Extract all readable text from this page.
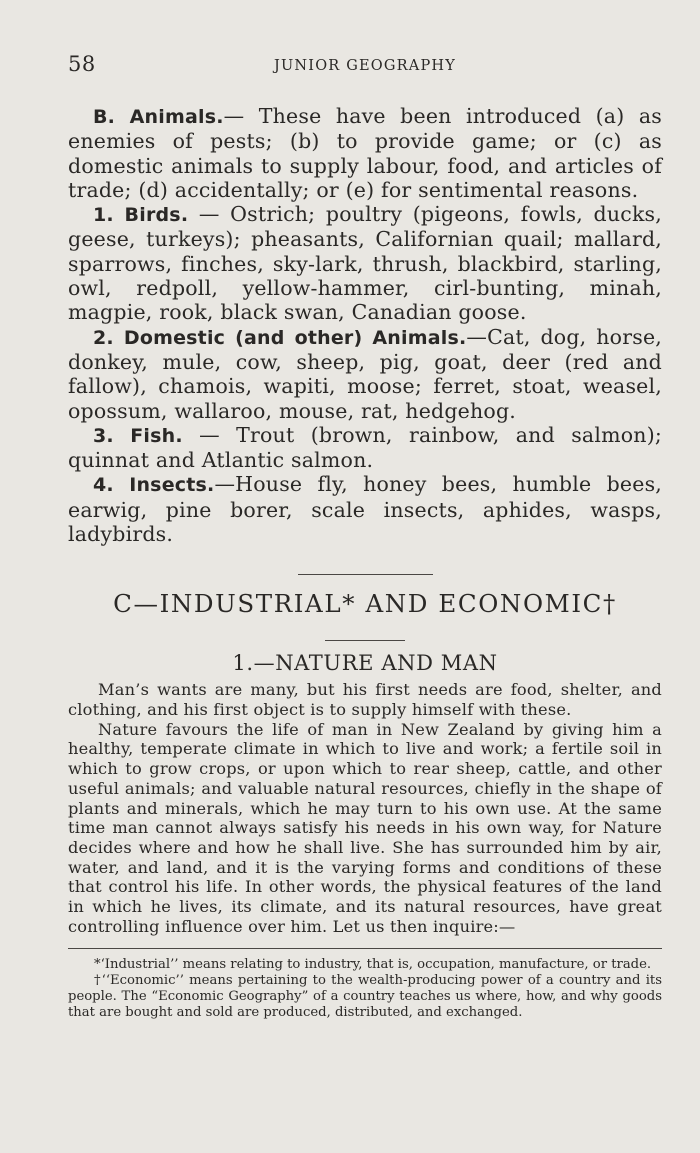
58	JUNIOR GEOGRAPHY

B. Animals.— These have been introduced (a) as enemies of pests; (b) to provide game; or (c) as domestic animals to supply labour, food, and articles of trade; (d) accidentally; or (e) for sentimental reasons.

1. Birds. — Ostrich; poultry (pigeons, fowls, ducks, geese, turkeys); pheasants, Californian quail; mallard, sparrows, finches, sky-lark, thrush, blackbird, starling, owl, redpoll, yellow-hammer, cirl-bunting, minah, magpie, rook, black swan, Canadian goose.

2. Domestic (and other) Animals.—Cat, dog, horse, donkey, mule, cow, sheep, pig, goat, deer (red and fallow), chamois, wapiti, moose; ferret, stoat, weasel, opossum, wallaroo, mouse, rat, hedgehog.

3. Fish. — Trout (brown, rainbow, and salmon); quinnat and Atlantic salmon.

4. Insects.—House fly, honey bees, humble bees, earwig, pine borer, scale insects, aphides, wasps, ladybirds.

C—INDUSTRIAL* AND ECONOMIC†
1.—NATURE AND MAN

Man’s wants are many, but his first needs are food, shelter, and clothing, and his first object is to supply himself with these.

Nature favours the life of man in New Zealand by giving him a healthy, temperate climate in which to live and work; a fertile soil in which to grow crops, or upon which to rear sheep, cattle, and other useful animals; and valuable natural resources, chiefly in the shape of plants and minerals, which he may turn to his own use. At the same time man cannot always satisfy his needs in his own way, for Nature decides where and how he shall live. She has surrounded him by air, water, and land, and it is the varying forms and conditions of these that control his life. In other words, the physical features of the land in which he lives, its climate, and its natural resources, have great controlling influence over him. Let us then inquire:—

*‘Industrial’’ means relating to industry, that is, occupation, manufacture, or trade.

†‘‘Economic’’ means pertaining to the wealth-producing power of a country and its people. The “Economic Geography” of a country teaches us where, how, and why goods that are bought and sold are produced, distributed, and exchanged.
